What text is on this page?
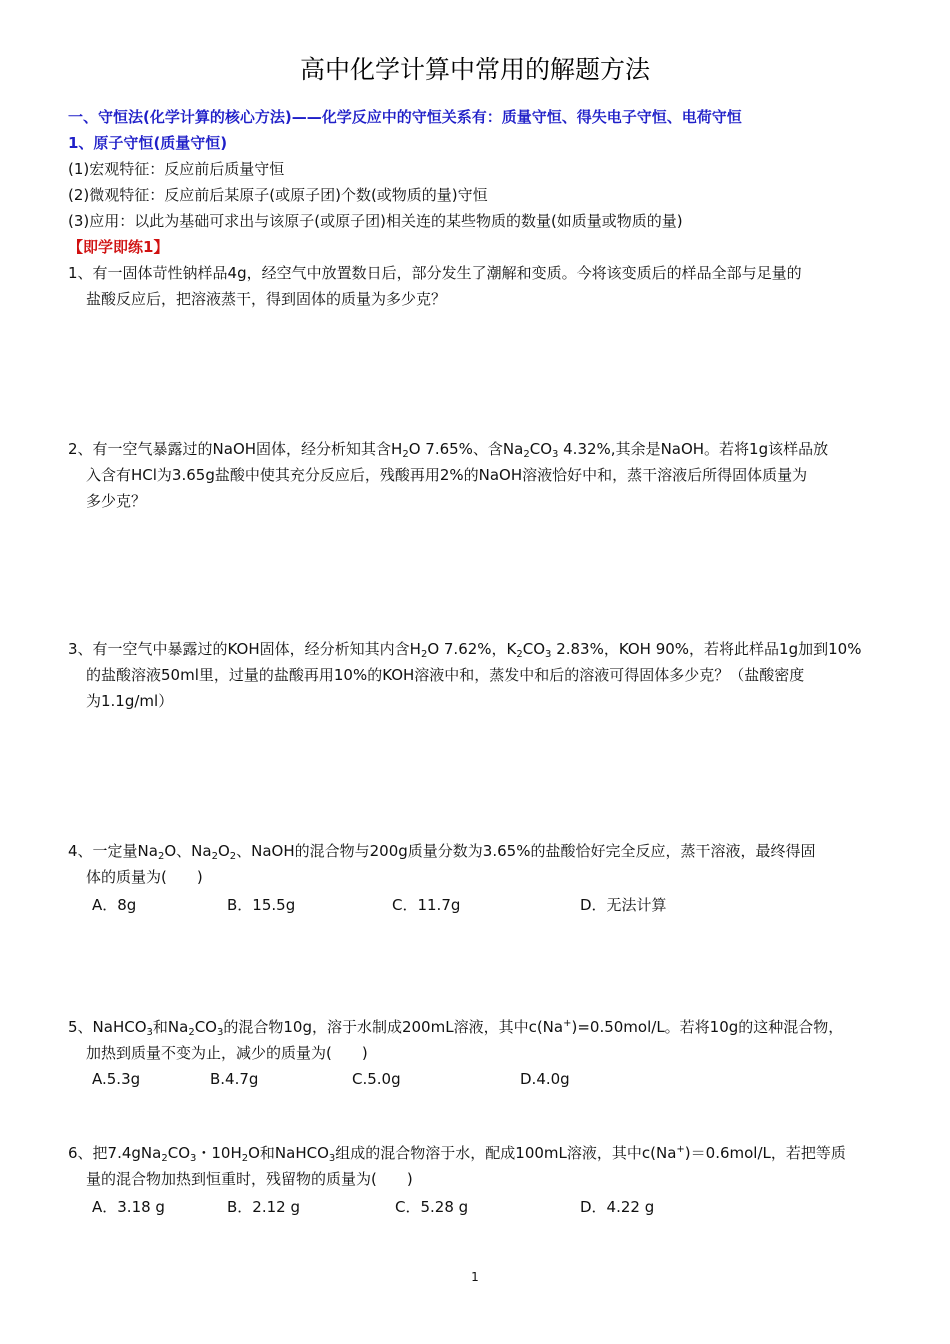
高中化学计算中常用的解题方法
一、守恒法(化学计算的核心方法)——化学反应中的守恒关系有：质量守恒、得失电子守恒、电荷守恒
1、原子守恒(质量守恒)
(1)宏观特征：反应前后质量守恒
(2)微观特征：反应前后某原子(或原子团)个数(或物质的量)守恒
(3)应用：以此为基础可求出与该原子(或原子团)相关连的某些物质的数量(如质量或物质的量)
【即学即练1】
1、有一固体苛性钠样品4g，经空气中放置数日后，部分发生了潮解和变质。今将该变质后的样品全部与足量的
盐酸反应后，把溶液蒸干，得到固体的质量为多少克？
2、有一空气暴露过的NaOH固体，经分析知其含$H_2O$ 7.65%、含$Na_2CO_3$ 4.32%,其余是NaOH。若将1g该样品放
入含有HCl为3.65g盐酸中使其充分反应后，残酸再用2%的NaOH溶液恰好中和，蒸干溶液后所得固体质量为
多少克？
3、有一空气中暴露过的KOH固体，经分析知其内含$H_2O$ 7.62%，$K_2CO_3$ 2.83%，KOH 90%，若将此样品1g加到10%
的盐酸溶液50ml里，过量的盐酸再用10%的KOH溶液中和，蒸发中和后的溶液可得固体多少克？（盐酸密度
为1.1g/ml）
4、一定量$Na_2O$、$Na_2O_2$、NaOH的混合物与200g质量分数为3.65%的盐酸恰好完全反应，蒸干溶液，最终得固
体的质量为(　　)
A．8g	B．15.5g	C．11.7g	D．无法计算
5、NaHCO$_3$和$Na_2CO_3$的混合物10g，溶于水制成200mL溶液，其中c(Na+)=0.50mol/L。若将10g的这种混合物，
加热到质量不变为止，减少的质量为(　　)
A.5.3g	B.4.7g	C.5.0g	D.4.0g
6、把$7.4gNa_2CO_3$・$10H_2O$和NaHCO$_3$组成的混合物溶于水，配成100mL溶液，其中c(Na+)＝0.6mol/L，若把等质
量的混合物加热到恒重时，残留物的质量为(　　)
A．3.18 g	B．2.12 g	C．5.28 g	D．4.22 g
1
